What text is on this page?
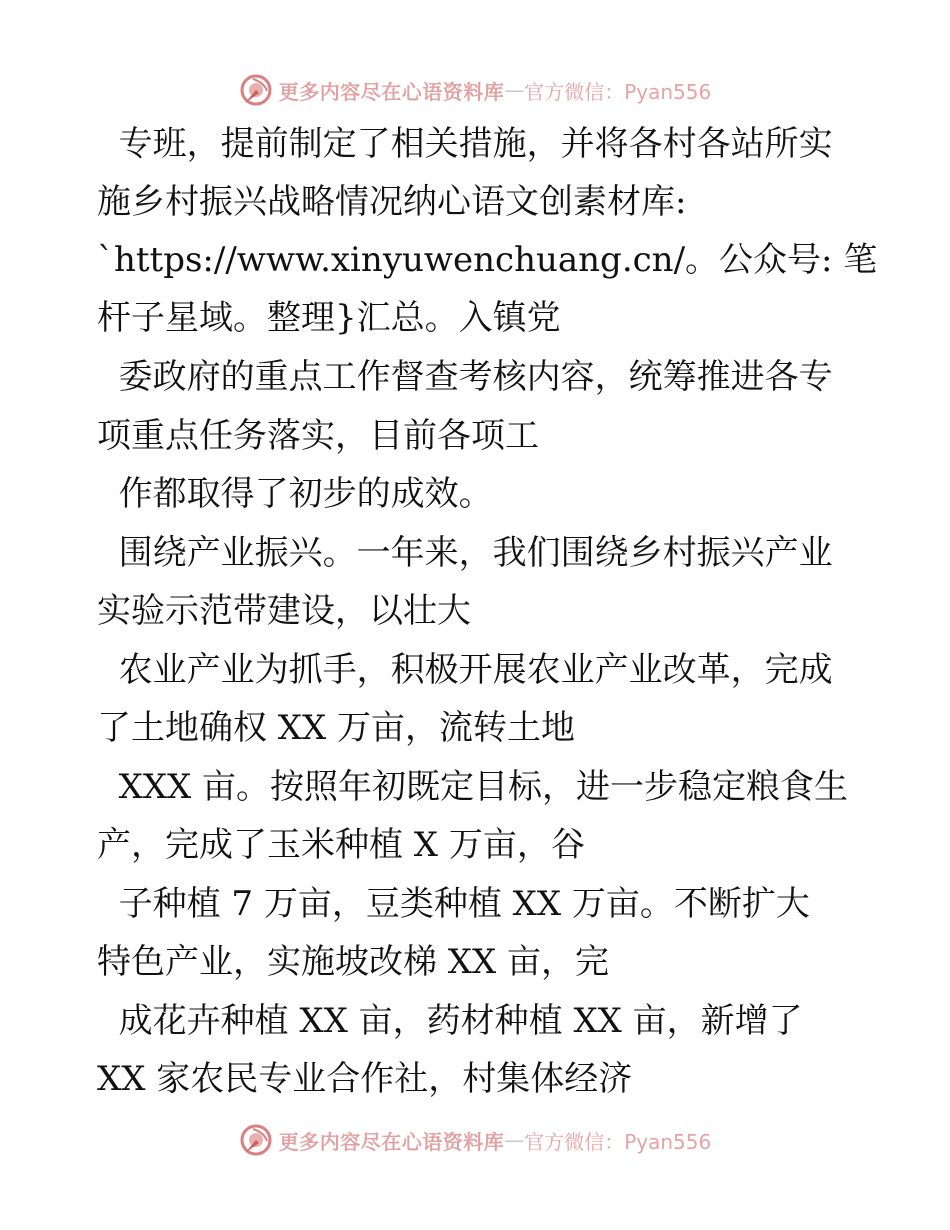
更多内容尽在心语资料库 — 官方微信：Pyan556
专班，提前制定了相关措施，并将各村各站所实
施乡村振兴战略情况纳心语文创素材库:
`https://www.xinyuwenchuang.cn/。公众号: 笔
杆子星域。整理}汇总。入镇党
委政府的重点工作督查考核内容，统筹推进各专
项重点任务落实，目前各项工
作都取得了初步的成效。
围绕产业振兴。一年来，我们围绕乡村振兴产业
实验示范带建设，以壮大
农业产业为抓手，积极开展农业产业改革，完成
了土地确权 XX 万亩，流转土地
XXX 亩。按照年初既定目标，进一步稳定粮食生
产，完成了玉米种植 X 万亩，谷
子种植 7 万亩，豆类种植 XX 万亩。不断扩大
特色产业，实施坡改梯 XX 亩，完
成花卉种植 XX 亩，药材种植 XX 亩，新增了
XX 家农民专业合作社，村集体经济
更多内容尽在心语资料库 — 官方微信：Pyan556
